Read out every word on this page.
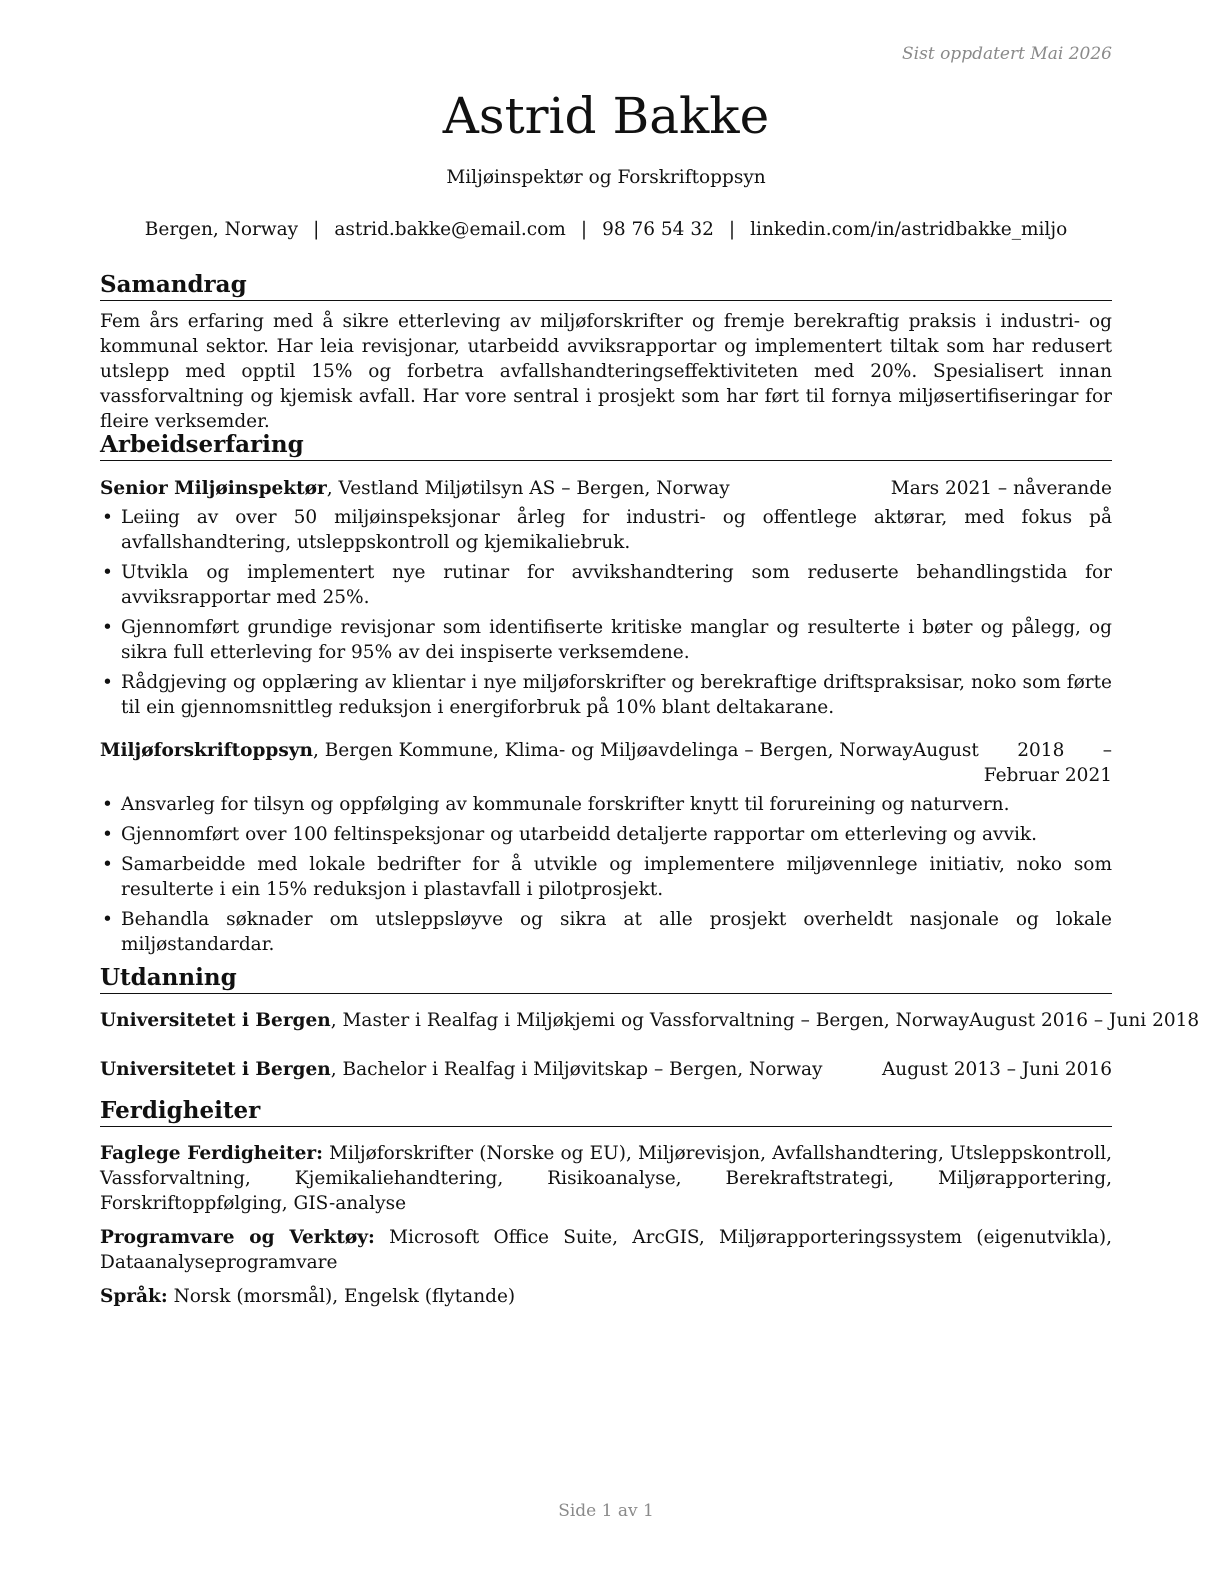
Sist oppdatert Mai 2026
Astrid Bakke
Miljøinspektør og Forskriftoppsyn
Bergen, Norway | astrid.bakke@email.com | 98 76 54 32 | linkedin.com/in/astridbakke_miljo
Samandrag

Fem års erfaring med å sikre etterleving av miljøforskrifter og fremje berekraftig praksis i industri- og kommunal sektor. Har leia revisjonar, utarbeidd avviksrapportar og implementert tiltak som har redusert utslepp med opptil 15% og forbetra avfallshandteringseffektiviteten med 20%. Spesialisert innan vassforvaltning og kjemisk avfall. Har vore sentral i prosjekt som har ført til fornya miljøsertifiseringar for fleire verksemder.

Arbeidserfaring
Senior Miljøinspektør, Vestland Miljøtilsyn AS – Bergen, Norway	Mars 2021 – nåverande
• Leiing av over 50 miljøinspeksjonar årleg for industri- og offentlege aktørar, med fokus på avfallshandtering, utsleppskontroll og kjemikaliebruk.
• Utvikla og implementert nye rutinar for avvikshandtering som reduserte behandlingstida for avviksrapportar med 25%.
• Gjennomført grundige revisjonar som identifiserte kritiske manglar og resulterte i bøter og pålegg, og sikra full etterleving for 95% av dei inspiserte verksemdene.
• Rådgjeving og opplæring av klientar i nye miljøforskrifter og berekraftige driftspraksisar, noko som førte til ein gjennomsnittleg reduksjon i energiforbruk på 10% blant deltakarane.
Miljøforskriftoppsyn, Bergen Kommune, Klima- og Miljøavdelinga – Bergen, Norway August 2018 – Februar 2021
• Ansvarleg for tilsyn og oppfølging av kommunale forskrifter knytt til forureining og naturvern.
• Gjennomført over 100 feltinspeksjonar og utarbeidd detaljerte rapportar om etterleving og avvik.
• Samarbeidde med lokale bedrifter for å utvikle og implementere miljøvennlege initiativ, noko som resulterte i ein 15% reduksjon i plastavfall i pilotprosjekt.
• Behandla søknader om utsleppsløyve og sikra at alle prosjekt overheldt nasjonale og lokale miljøstandardar.
Utdanning
Universitetet i Bergen, Master i Realfag i Miljøkjemi og Vassforvaltning – Bergen, Norway August 2016 – Juni 2018
Universitetet i Bergen, Bachelor i Realfag i Miljøvitskap – Bergen, Norway	August 2013 – Juni 2016
Ferdigheiter

Faglege Ferdigheiter: Miljøforskrifter (Norske og EU), Miljørevisjon, Avfallshandtering, Utsleppskontroll, Vassforvaltning, Kjemikaliehandtering, Risikoanalyse, Berekraftstrategi, Miljørapportering, Forskriftoppfølging, GIS-analyse

Programvare og Verktøy: Microsoft Office Suite, ArcGIS, Miljørapporteringssystem (eigenutvikla), Dataanalyseprogramvare

Språk: Norsk (morsmål), Engelsk (flytande)

Side 1 av 1
